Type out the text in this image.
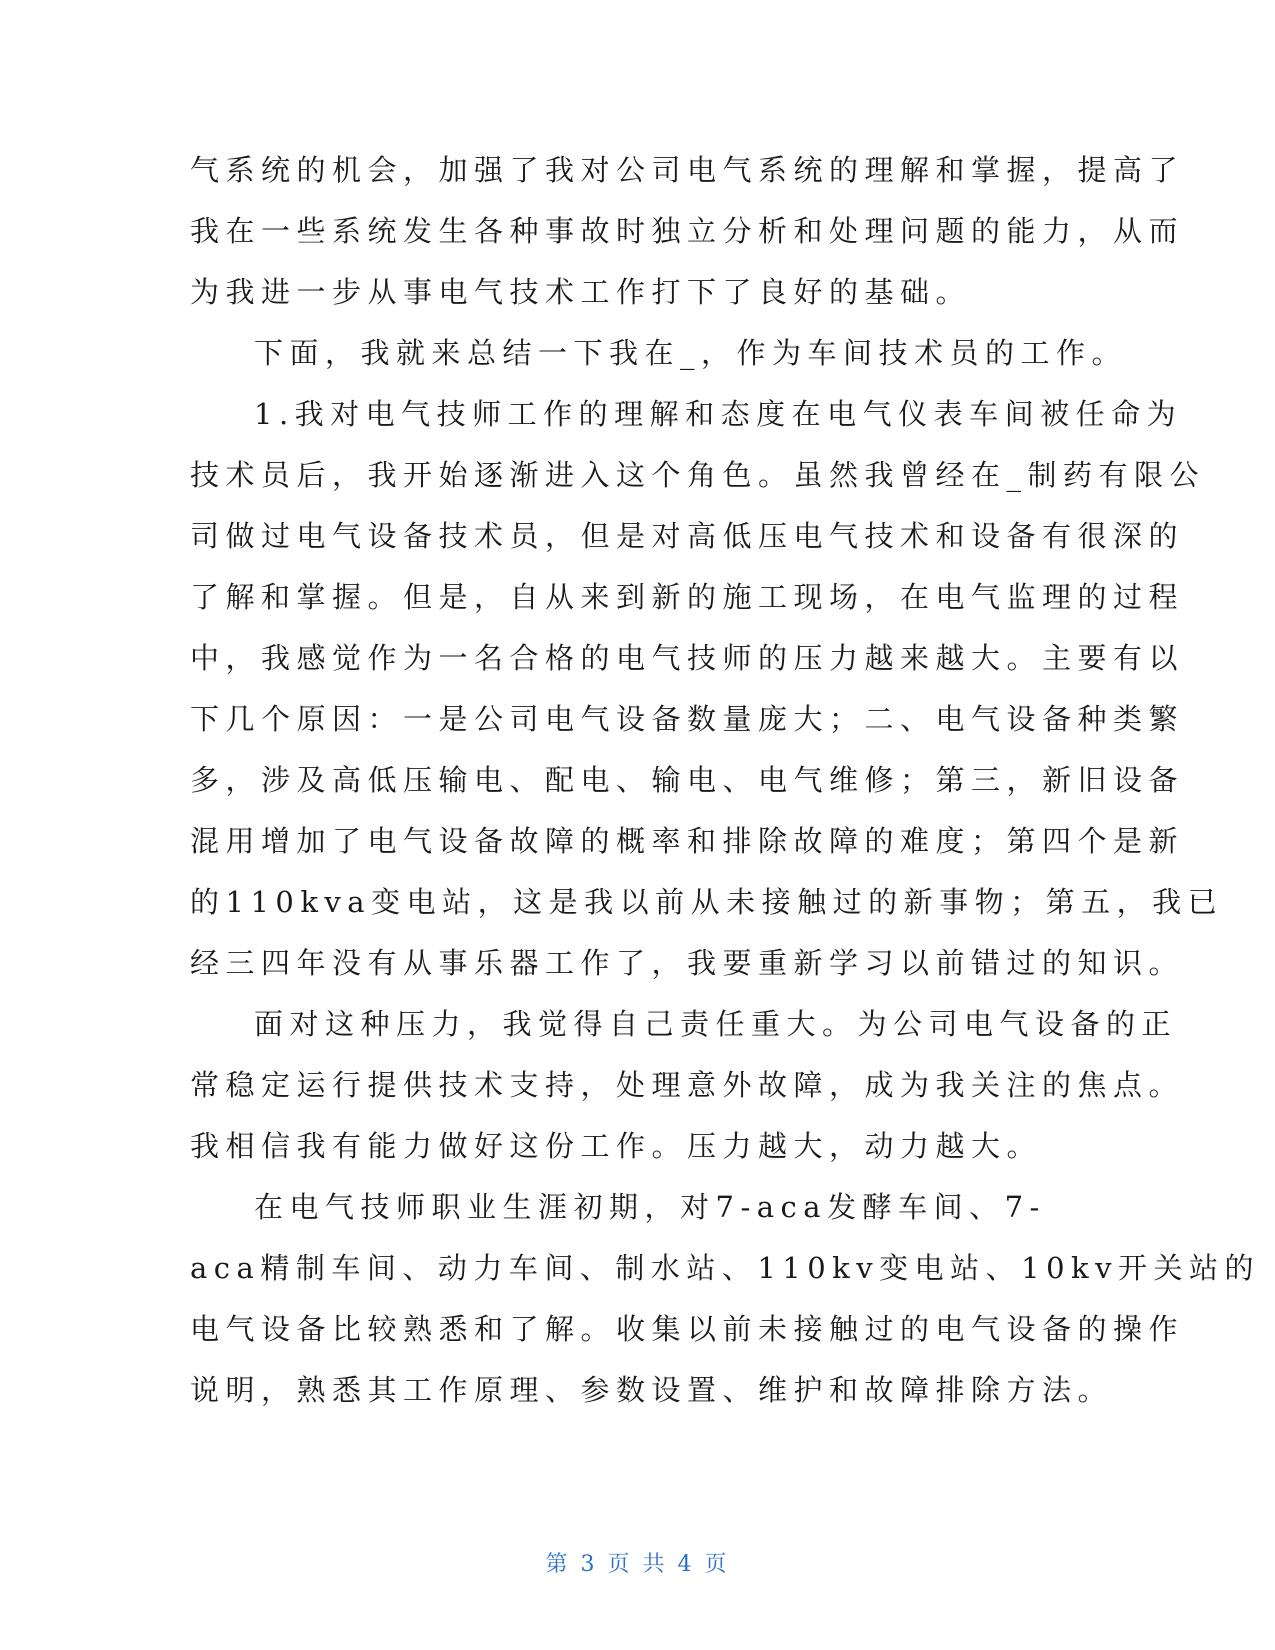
气系统的机会，加强了我对公司电气系统的理解和掌握，提高了
我在一些系统发生各种事故时独立分析和处理问题的能力，从而
为我进一步从事电气技术工作打下了良好的基础。
下面，我就来总结一下我在_，作为车间技术员的工作。
1.我对电气技师工作的理解和态度在电气仪表车间被任命为
技术员后，我开始逐渐进入这个角色。虽然我曾经在_制药有限公
司做过电气设备技术员，但是对高低压电气技术和设备有很深的
了解和掌握。但是，自从来到新的施工现场，在电气监理的过程
中，我感觉作为一名合格的电气技师的压力越来越大。主要有以
下几个原因：一是公司电气设备数量庞大；二、电气设备种类繁
多，涉及高低压输电、配电、输电、电气维修；第三，新旧设备
混用增加了电气设备故障的概率和排除故障的难度；第四个是新
的110kva变电站，这是我以前从未接触过的新事物；第五，我已
经三四年没有从事乐器工作了，我要重新学习以前错过的知识。
面对这种压力，我觉得自己责任重大。为公司电气设备的正
常稳定运行提供技术支持，处理意外故障，成为我关注的焦点。
我相信我有能力做好这份工作。压力越大，动力越大。
在电气技师职业生涯初期，对7-aca发酵车间、7-
aca精制车间、动力车间、制水站、110kv变电站、10kv开关站的
电气设备比较熟悉和了解。收集以前未接触过的电气设备的操作
说明，熟悉其工作原理、参数设置、维护和故障排除方法。
第 3 页 共 4 页
